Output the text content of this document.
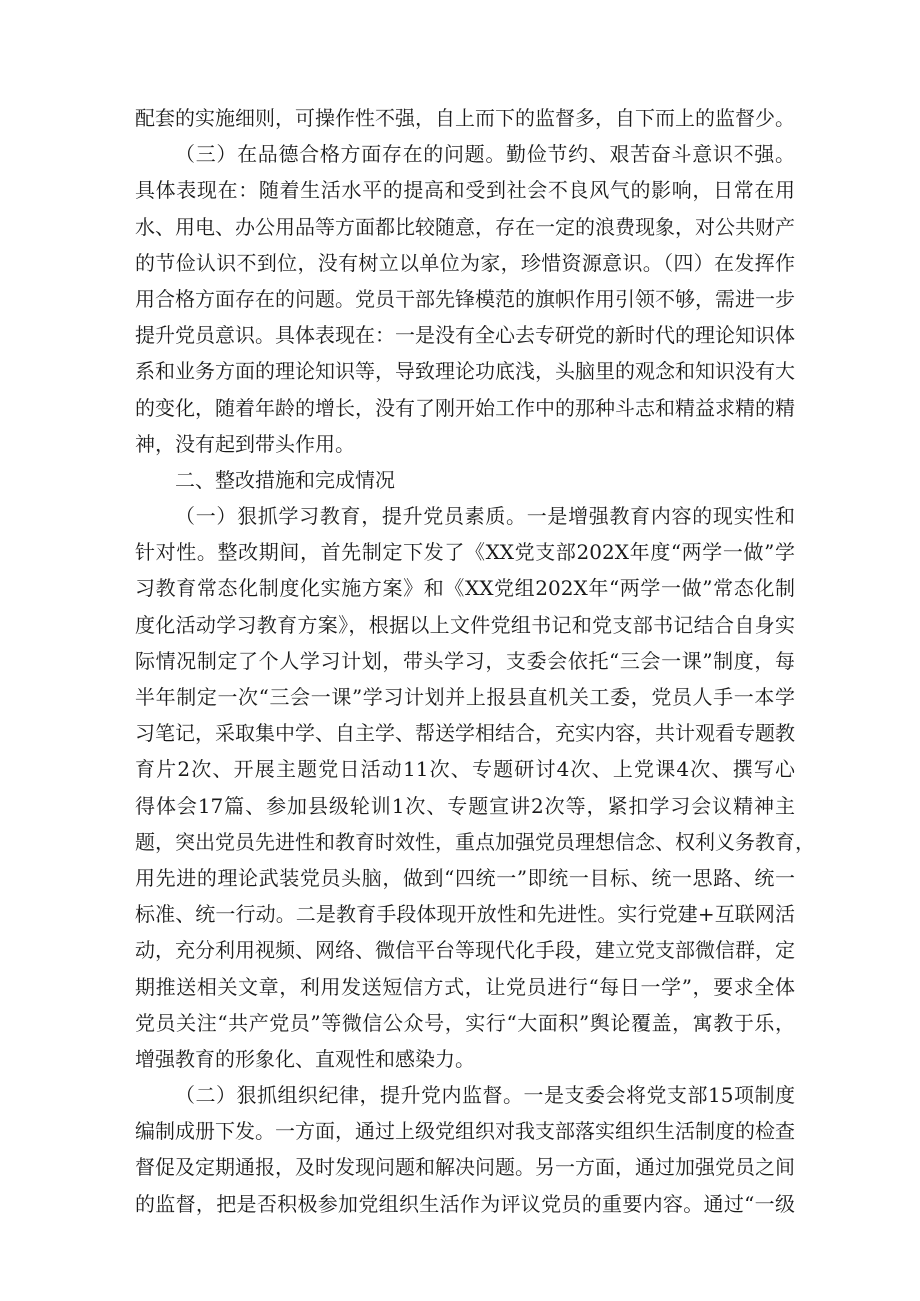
配套的实施细则，可操作性不强，自上而下的监督多，自下而上的监督少。
（三）在品德合格方面存在的问题。勤俭节约、艰苦奋斗意识不强。
具体表现在：随着生活水平的提高和受到社会不良风气的影响，日常在用
水、用电、办公用品等方面都比较随意，存在一定的浪费现象，对公共财产
的节俭认识不到位，没有树立以单位为家，珍惜资源意识。（四）在发挥作
用合格方面存在的问题。党员干部先锋模范的旗帜作用引领不够，需进一步
提升党员意识。具体表现在：一是没有全心去专研党的新时代的理论知识体
系和业务方面的理论知识等，导致理论功底浅，头脑里的观念和知识没有大
的变化，随着年龄的增长，没有了刚开始工作中的那种斗志和精益求精的精
神，没有起到带头作用。
二、整改措施和完成情况
（一）狠抓学习教育，提升党员素质。一是增强教育内容的现实性和
针对性。整改期间，首先制定下发了《XX党支部202X年度“两学一做”学
习教育常态化制度化实施方案》和《XX党组202X年“两学一做”常态化制
度化活动学习教育方案》，根据以上文件党组书记和党支部书记结合自身实
际情况制定了个人学习计划，带头学习，支委会依托“三会一课”制度，每
半年制定一次“三会一课”学习计划并上报县直机关工委，党员人手一本学
习笔记，采取集中学、自主学、帮送学相结合，充实内容，共计观看专题教
育片2次、开展主题党日活动11次、专题研讨4次、上党课4次、撰写心
得体会17篇、参加县级轮训1次、专题宣讲2次等，紧扣学习会议精神主
题，突出党员先进性和教育时效性，重点加强党员理想信念、权利义务教育，
用先进的理论武装党员头脑，做到“四统一”即统一目标、统一思路、统一
标准、统一行动。二是教育手段体现开放性和先进性。实行党建+互联网活
动，充分利用视频、网络、微信平台等现代化手段，建立党支部微信群，定
期推送相关文章，利用发送短信方式，让党员进行“每日一学”，要求全体
党员关注“共产党员”等微信公众号，实行“大面积”舆论覆盖，寓教于乐，
增强教育的形象化、直观性和感染力。
（二）狠抓组织纪律，提升党内监督。一是支委会将党支部15项制度
编制成册下发。一方面，通过上级党组织对我支部落实组织生活制度的检查
督促及定期通报，及时发现问题和解决问题。另一方面，通过加强党员之间
的监督，把是否积极参加党组织生活作为评议党员的重要内容。通过“一级
